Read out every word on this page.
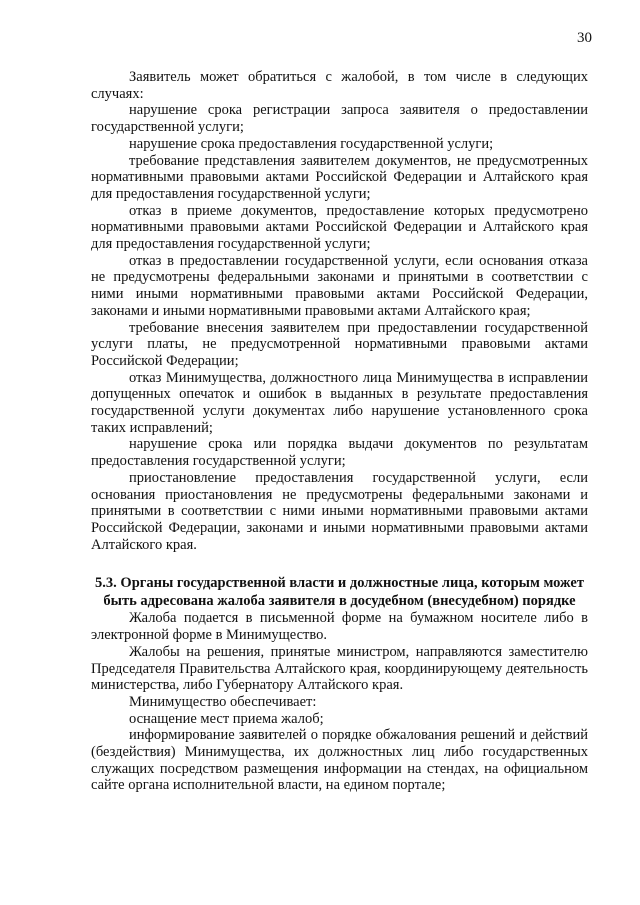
30

Заявитель может обратиться с жалобой, в том числе в следующих случаях:

нарушение срока регистрации запроса заявителя о предоставлении государственной услуги;

нарушение срока предоставления государственной услуги;

требование представления заявителем документов, не предусмотренных нормативными правовыми актами Российской Федерации и Алтайского края для предоставления государственной услуги;

отказ в приеме документов, предоставление которых предусмотрено нормативными правовыми актами Российской Федерации и Алтайского края для предоставления государственной услуги;

отказ в предоставлении государственной услуги, если основания отказа не предусмотрены федеральными законами и принятыми в соответствии с ними иными нормативными правовыми актами Российской Федерации, законами и иными нормативными правовыми актами Алтайского края;

требование внесения заявителем при предоставлении государственной услуги платы, не предусмотренной нормативными правовыми актами Российской Федерации;

отказ Минимущества, должностного лица Минимущества в исправлении допущенных опечаток и ошибок в выданных в результате предоставления государственной услуги документах либо нарушение установленного срока таких исправлений;

нарушение срока или порядка выдачи документов по результатам предоставления государственной услуги;

приостановление предоставления государственной услуги, если основания приостановления не предусмотрены федеральными законами и принятыми в соответствии с ними иными нормативными правовыми актами Российской Федерации, законами и иными нормативными правовыми актами Алтайского края.

5.3. Органы государственной власти и должностные лица, которым может быть адресована жалоба заявителя в досудебном (внесудебном) порядке

Жалоба подается в письменной форме на бумажном носителе либо в электронной форме в Минимущество.

Жалобы на решения, принятые министром, направляются заместителю Председателя Правительства Алтайского края, координирующему деятельность министерства, либо Губернатору Алтайского края.

Минимущество обеспечивает:

оснащение мест приема жалоб;

информирование заявителей о порядке обжалования решений и действий (бездействия) Минимущества, их должностных лиц либо государственных служащих посредством размещения информации на стендах, на официальном сайте органа исполнительной власти, на едином портале;
